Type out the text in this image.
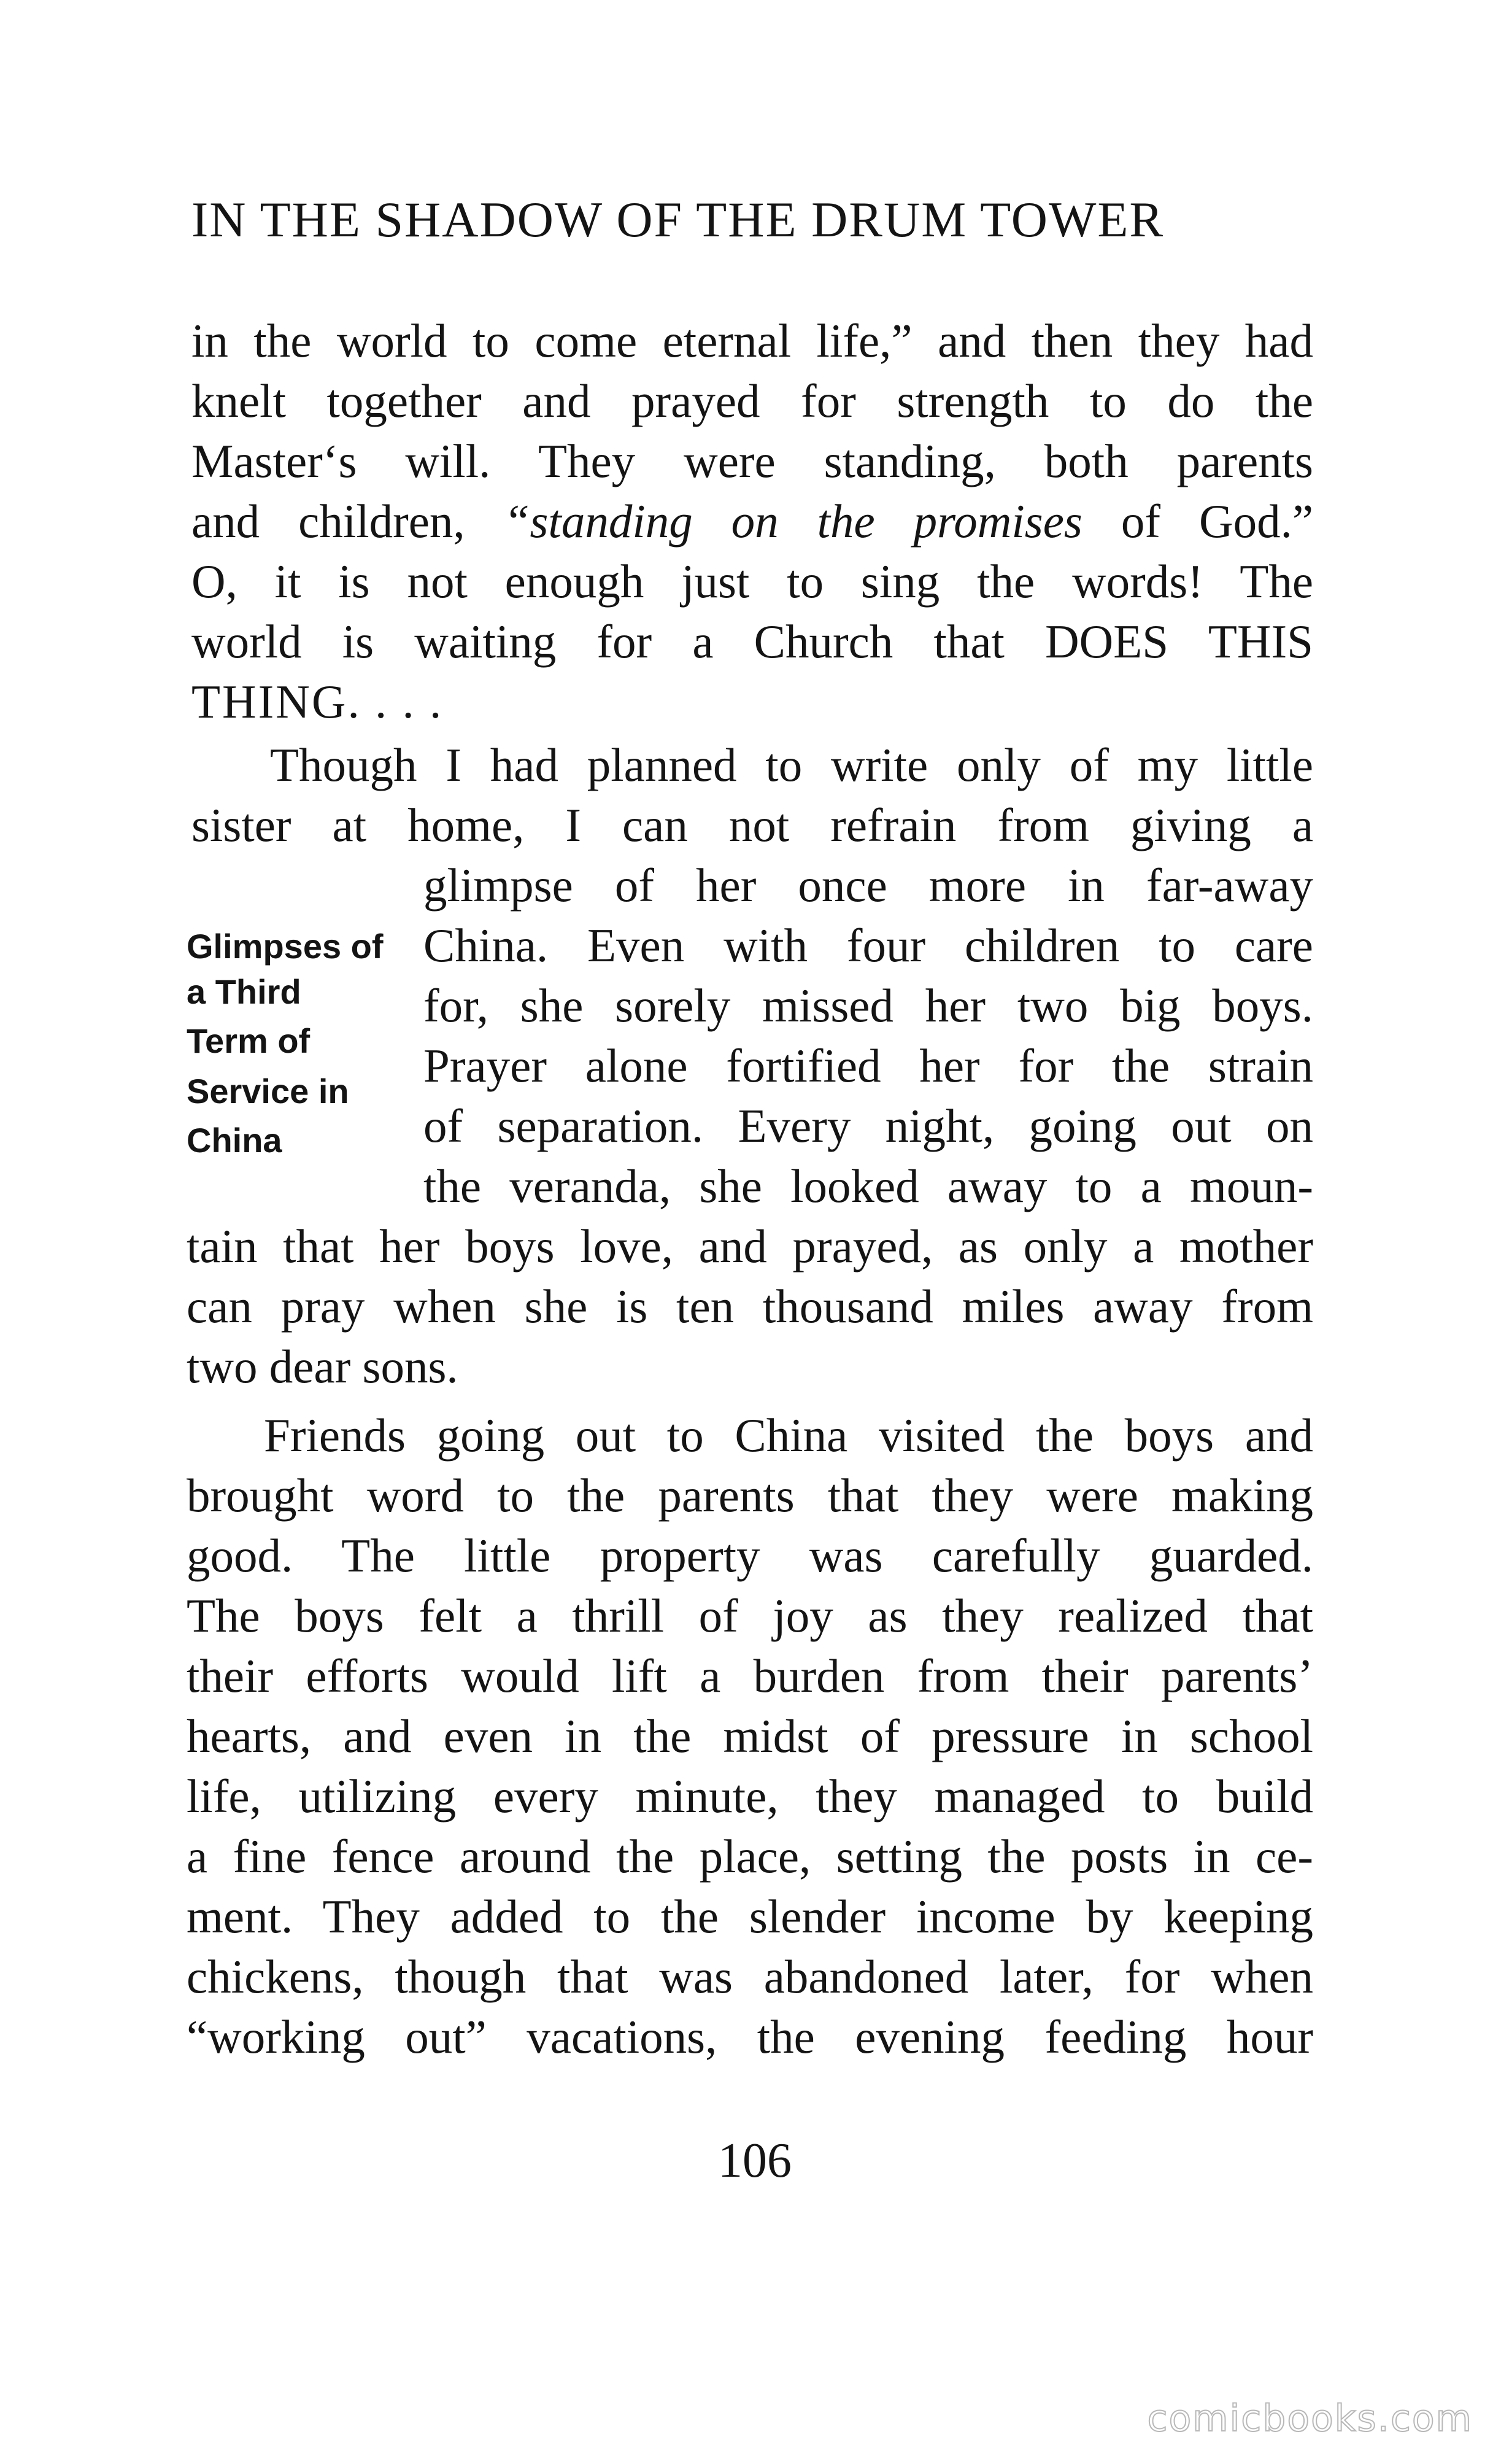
IN THE SHADOW OF THE DRUM TOWER
in the world to come eternal life,” and then they had
knelt together and prayed for strength to do the
Master‘s will. They were standing, both parents
and children, “standing on the promises of God.”
O, it is not enough just to sing the words! The
world is waiting for a Church that DOES THIS
THING. . . .
Though I had planned to write only of my little
sister at home, I can not refrain from giving a
glimpse of her once more in far-away
China. Even with four children to care
for, she sorely missed her two big boys.
Prayer alone fortified her for the strain
of separation. Every night, going out on
the veranda, she looked away to a moun-
tain that her boys love, and prayed, as only a mother
can pray when she is ten thousand miles away from
two dear sons.
Glimpses of
a Third
Term of
Service in
China
Friends going out to China visited the boys and
brought word to the parents that they were making
good. The little property was carefully guarded.
The boys felt a thrill of joy as they realized that
their efforts would lift a burden from their parents’
hearts, and even in the midst of pressure in school
life, utilizing every minute, they managed to build
a fine fence around the place, setting the posts in ce-
ment. They added to the slender income by keeping
chickens, though that was abandoned later, for when
“working out” vacations, the evening feeding hour
106
comicbooks.com
